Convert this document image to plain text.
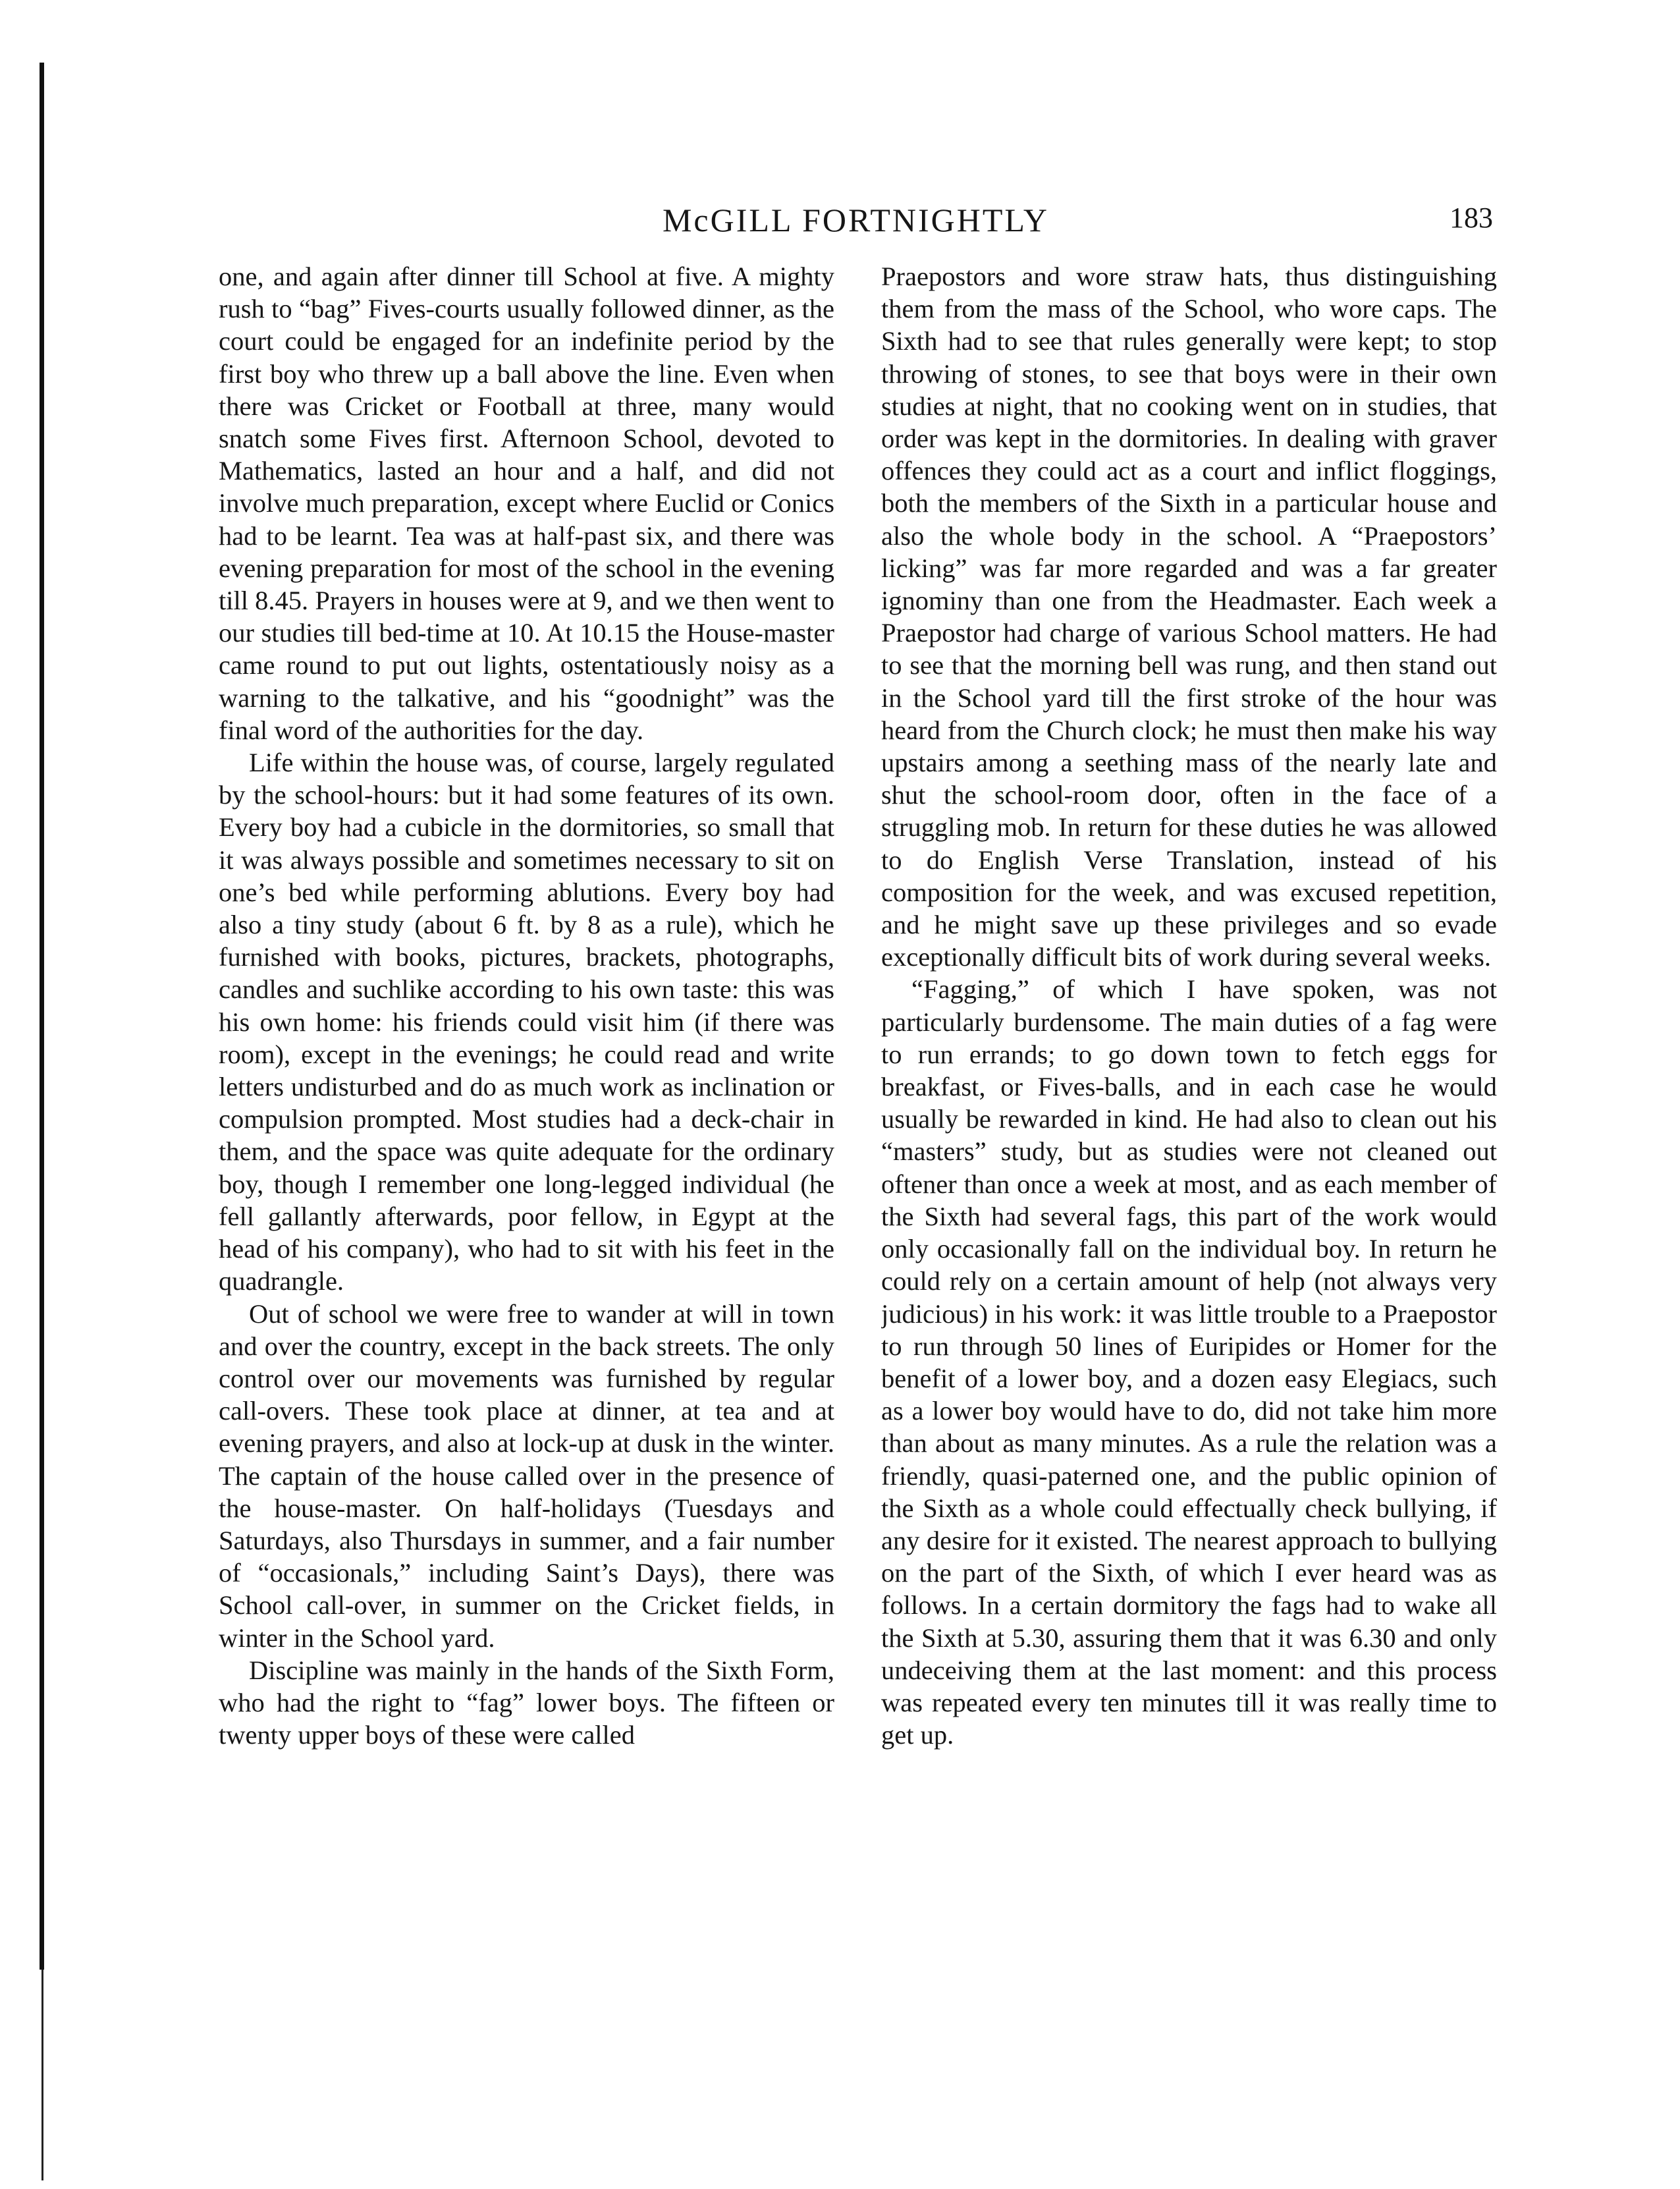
McGILL FORTNIGHTLY	183

one, and again after dinner till School at five. A mighty rush to “bag” Fives-courts usually followed dinner, as the court could be engaged for an indefinite period by the first boy who threw up a ball above the line. Even when there was Cricket or Football at three, many would snatch some Fives first. Afternoon School, devoted to Mathematics, lasted an hour and a half, and did not involve much preparation, except where Euclid or Conics had to be learnt. Tea was at half-past six, and there was evening preparation for most of the school in the evening till 8.45. Prayers in houses were at 9, and we then went to our studies till bed-time at 10. At 10.15 the House-master came round to put out lights, ostentatiously noisy as a warning to the talkative, and his “goodnight” was the final word of the authorities for the day.

Life within the house was, of course, largely regulated by the school-hours: but it had some features of its own. Every boy had a cubicle in the dormitories, so small that it was always possible and sometimes necessary to sit on one’s bed while performing ablutions. Every boy had also a tiny study (about 6 ft. by 8 as a rule), which he furnished with books, pictures, brackets, photographs, candles and suchlike according to his own taste: this was his own home: his friends could visit him (if there was room), except in the evenings; he could read and write letters undisturbed and do as much work as inclination or compulsion prompted. Most studies had a deck-chair in them, and the space was quite adequate for the ordinary boy, though I remember one long-legged individual (he fell gallantly afterwards, poor fellow, in Egypt at the head of his company), who had to sit with his feet in the quadrangle.

Out of school we were free to wander at will in town and over the country, except in the back streets. The only control over our movements was furnished by regular call-overs. These took place at dinner, at tea and at evening prayers, and also at lock-up at dusk in the winter. The captain of the house called over in the presence of the house-master. On half-holidays (Tuesdays and Saturdays, also Thursdays in summer, and a fair number of “occasionals,” including Saint’s Days), there was School call-over, in summer on the Cricket fields, in winter in the School yard.

Discipline was mainly in the hands of the Sixth Form, who had the right to “fag” lower boys. The fifteen or twenty upper boys of these were called

Praepostors and wore straw hats, thus distinguishing them from the mass of the School, who wore caps. The Sixth had to see that rules generally were kept; to stop throwing of stones, to see that boys were in their own studies at night, that no cooking went on in studies, that order was kept in the dormitories. In dealing with graver offences they could act as a court and inflict floggings, both the members of the Sixth in a particular house and also the whole body in the school. A “Praepostors’ licking” was far more regarded and was a far greater ignominy than one from the Headmaster. Each week a Praepostor had charge of various School matters. He had to see that the morning bell was rung, and then stand out in the School yard till the first stroke of the hour was heard from the Church clock; he must then make his way upstairs among a seething mass of the nearly late and shut the school-room door, often in the face of a struggling mob. In return for these duties he was allowed to do English Verse Translation, instead of his composition for the week, and was excused repetition, and he might save up these privileges and so evade exceptionally difficult bits of work during several weeks.

“Fagging,” of which I have spoken, was not particularly burdensome. The main duties of a fag were to run errands; to go down town to fetch eggs for breakfast, or Fives-balls, and in each case he would usually be rewarded in kind. He had also to clean out his “masters” study, but as studies were not cleaned out oftener than once a week at most, and as each member of the Sixth had several fags, this part of the work would only occasionally fall on the individual boy. In return he could rely on a certain amount of help (not always very judicious) in his work: it was little trouble to a Praepostor to run through 50 lines of Euripides or Homer for the benefit of a lower boy, and a dozen easy Elegiacs, such as a lower boy would have to do, did not take him more than about as many minutes. As a rule the relation was a friendly, quasi-paterned one, and the public opinion of the Sixth as a whole could effectually check bullying, if any desire for it existed. The nearest approach to bullying on the part of the Sixth, of which I ever heard was as follows. In a certain dormitory the fags had to wake all the Sixth at 5.30, assuring them that it was 6.30 and only undeceiving them at the last moment: and this process was repeated every ten minutes till it was really time to get up.
